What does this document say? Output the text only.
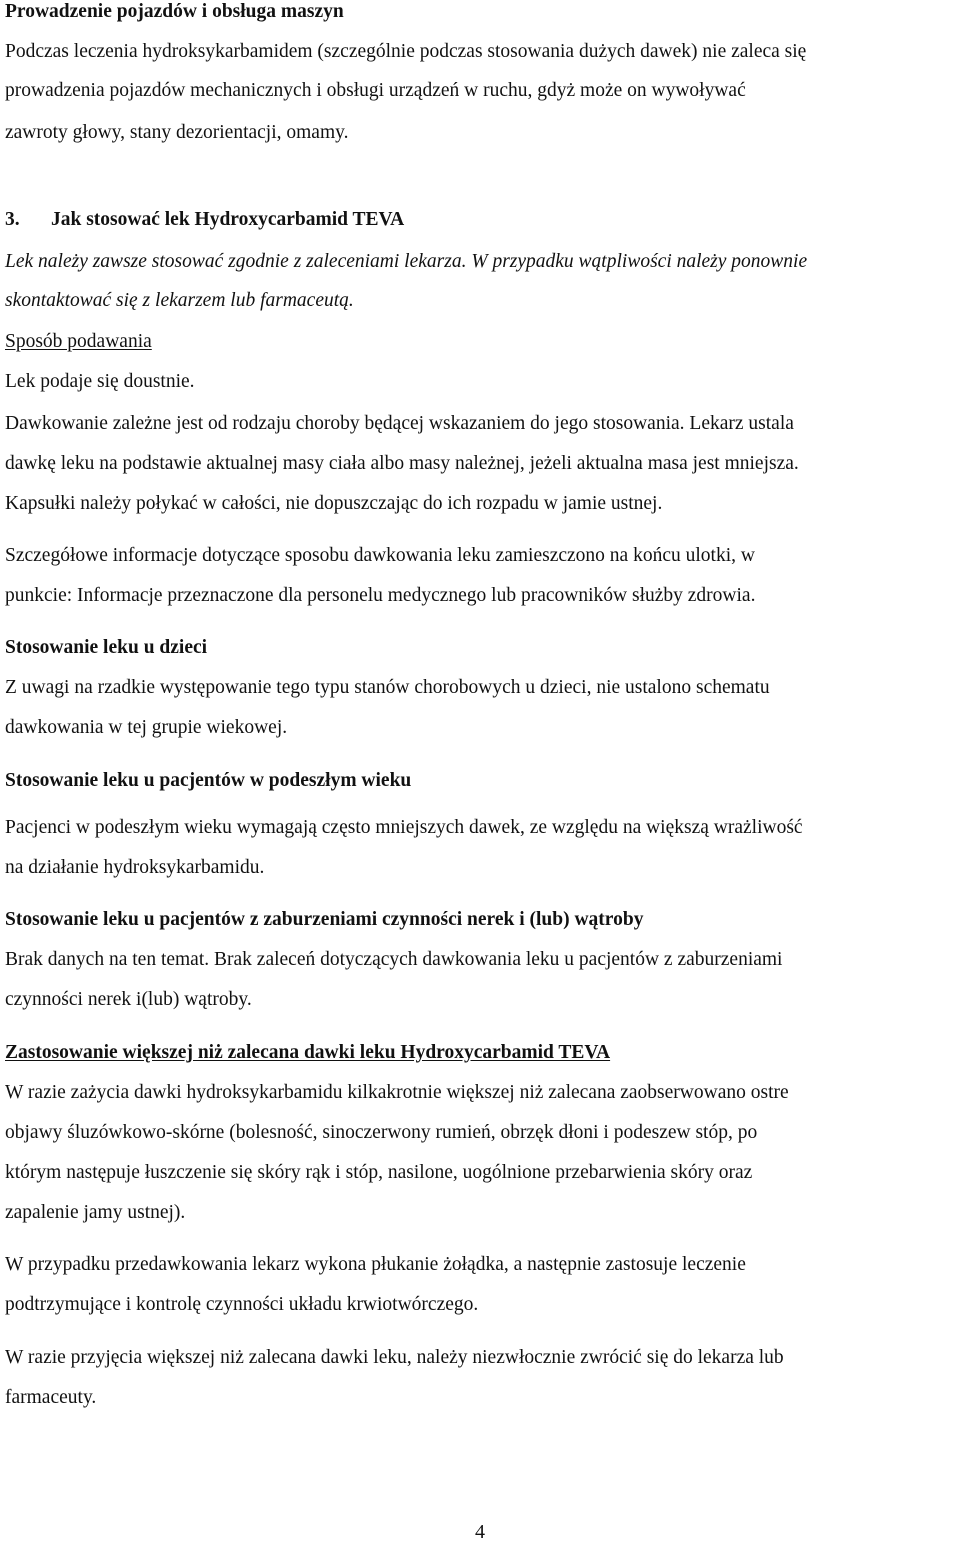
Prowadzenie pojazdów i obsługa maszyn
Podczas leczenia hydroksykarbamidem (szczególnie podczas stosowania dużych dawek) nie zaleca się
prowadzenia pojazdów mechanicznych i obsługi urządzeń w ruchu, gdyż może on wywoływać
zawroty głowy, stany dezorientacji, omamy.
3. Jak stosować lek Hydroxycarbamid TEVA
Lek należy zawsze stosować zgodnie z zaleceniami lekarza. W przypadku wątpliwości należy ponownie
skontaktować się z lekarzem lub farmaceutą.
Sposób podawania
Lek podaje się doustnie.
Dawkowanie zależne jest od rodzaju choroby będącej wskazaniem do jego stosowania. Lekarz ustala
dawkę leku na podstawie aktualnej masy ciała albo masy należnej, jeżeli aktualna masa jest mniejsza.
Kapsułki należy połykać w całości, nie dopuszczając do ich rozpadu w jamie ustnej.
Szczegółowe informacje dotyczące sposobu dawkowania leku zamieszczono na końcu ulotki, w
punkcie: Informacje przeznaczone dla personelu medycznego lub pracowników służby zdrowia.
Stosowanie leku u dzieci
Z uwagi na rzadkie występowanie tego typu stanów chorobowych u dzieci, nie ustalono schematu
dawkowania w tej grupie wiekowej.
Stosowanie leku u pacjentów w podeszłym wieku
Pacjenci w podeszłym wieku wymagają często mniejszych dawek, ze względu na większą wrażliwość
na działanie hydroksykarbamidu.
Stosowanie leku u pacjentów z zaburzeniami czynności nerek i (lub) wątroby
Brak danych na ten temat. Brak zaleceń dotyczących dawkowania leku u pacjentów z zaburzeniami
czynności nerek i(lub) wątroby.
Zastosowanie większej niż zalecana dawki leku Hydroxycarbamid TEVA
W razie zażycia dawki hydroksykarbamidu kilkakrotnie większej niż zalecana zaobserwowano ostre
objawy śluzówkowo-skórne (bolesność, sinoczerwony rumień, obrzęk dłoni i podeszew stóp, po
którym następuje łuszczenie się skóry rąk i stóp, nasilone, uogólnione przebarwienia skóry oraz
zapalenie jamy ustnej).
W przypadku przedawkowania lekarz wykona płukanie żołądka, a następnie zastosuje leczenie
podtrzymujące i kontrolę czynności układu krwiotwórczego.
W razie przyjęcia większej niż zalecana dawki leku, należy niezwłocznie zwrócić się do lekarza lub
farmaceuty.
4
